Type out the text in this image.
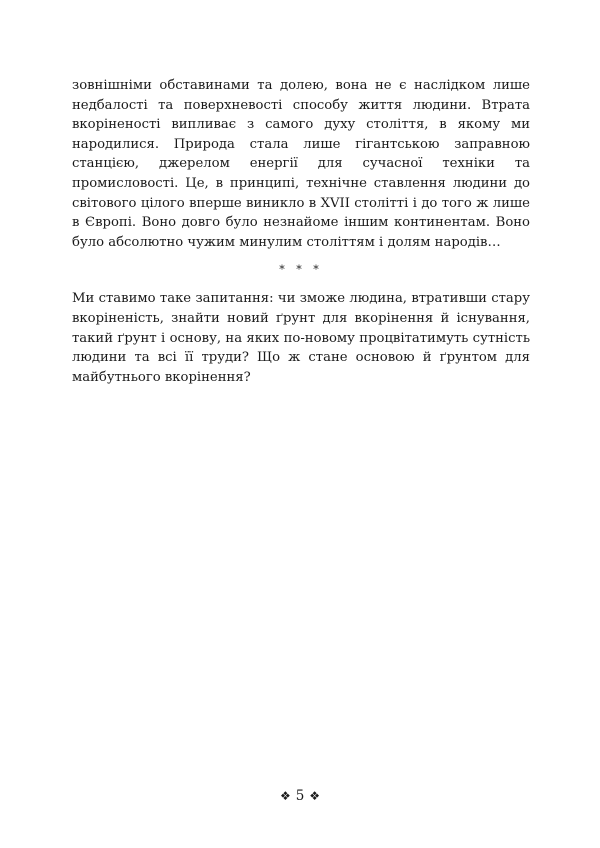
зовнішніми обставинами та долею, вона не є наслідком лише недбалості та поверхневості способу життя людини. Втрата вкоріненості випливає з самого духу століття, в якому ми народилися. Природа стала лише гігантською заправною станцією, джерелом енергії для сучасної техніки та промисловості. Це, в принципі, технічне ставлення людини до світового цілого вперше виникло в XVII столітті і до того ж лише в Європі. Воно довго було незнайоме іншим континентам. Воно було абсолютно чужим минулим століттям і долям народів…

* * *

Ми ставимо таке запитання: чи зможе людина, втративши стару вкоріненість, знайти новий ґрунт для вкорінення й існування, такий ґрунт і основу, на яких по-новому процвітатимуть сутність людини та всі її труди? Що ж стане основою й ґрунтом для майбутнього вкорінення?

❖ 5 ❖
